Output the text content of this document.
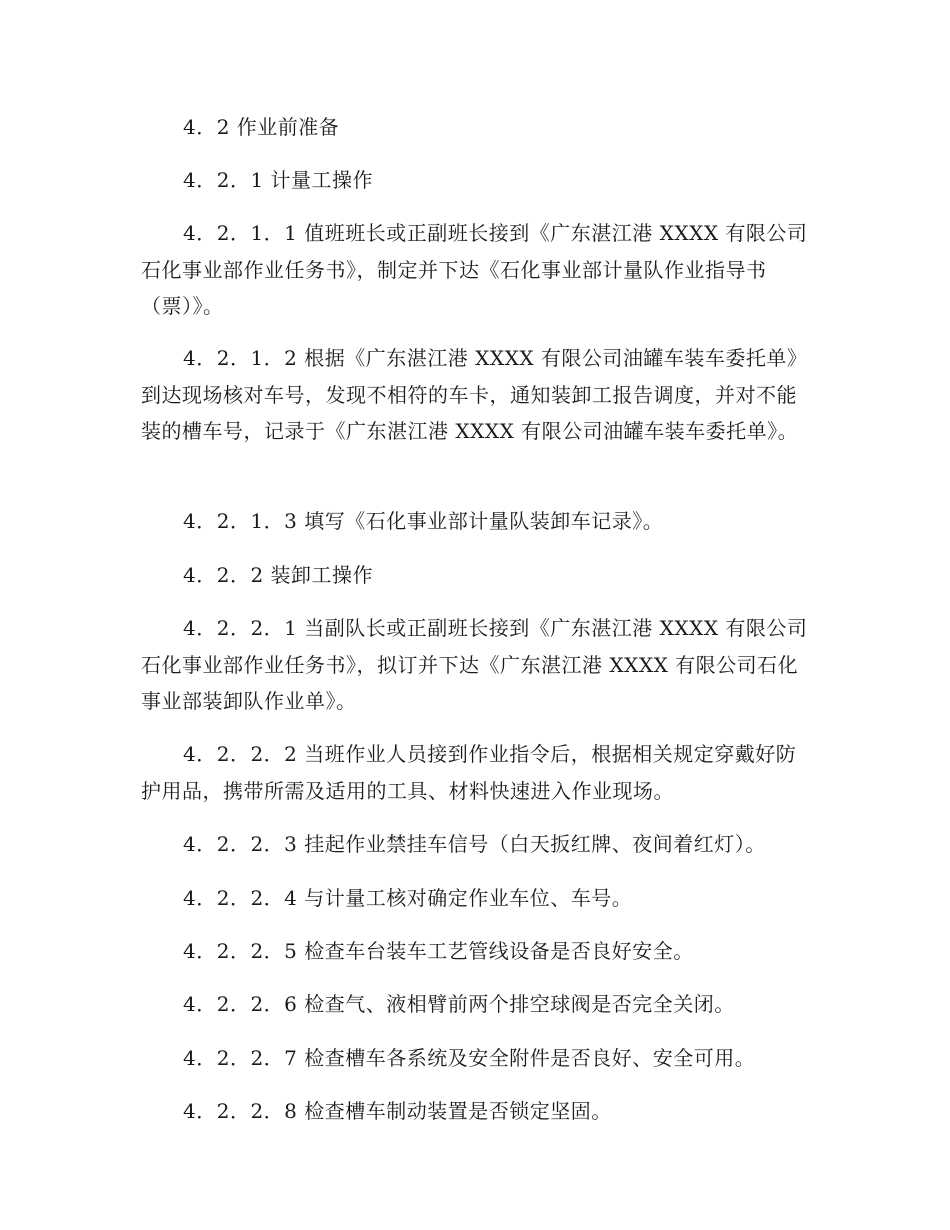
4．2 作业前准备

4．2．1 计量工操作

4．2．1．1 值班班长或正副班长接到《广东湛江港 XXXX 有限公司石化事业部作业任务书》，制定并下达《石化事业部计量队作业指导书（票）》。

4．2．1．2 根据《广东湛江港 XXXX 有限公司油罐车装车委托单》到达现场核对车号，发现不相符的车卡，通知装卸工报告调度，并对不能装的槽车号，记录于《广东湛江港 XXXX 有限公司油罐车装车委托单》。

4．2．1．3 填写《石化事业部计量队装卸车记录》。

4．2．2 装卸工操作

4．2．2．1 当副队长或正副班长接到《广东湛江港 XXXX 有限公司石化事业部作业任务书》，拟订并下达《广东湛江港 XXXX 有限公司石化事业部装卸队作业单》。

4．2．2．2 当班作业人员接到作业指令后，根据相关规定穿戴好防护用品，携带所需及适用的工具、材料快速进入作业现场。

4．2．2．3 挂起作业禁挂车信号（白天扳红牌、夜间着红灯）。

4．2．2．4 与计量工核对确定作业车位、车号。

4．2．2．5 检查车台装车工艺管线设备是否良好安全。

4．2．2．6 检查气、液相臂前两个排空球阀是否完全关闭。

4．2．2．7 检查槽车各系统及安全附件是否良好、安全可用。

4．2．2．8 检查槽车制动装置是否锁定坚固。
